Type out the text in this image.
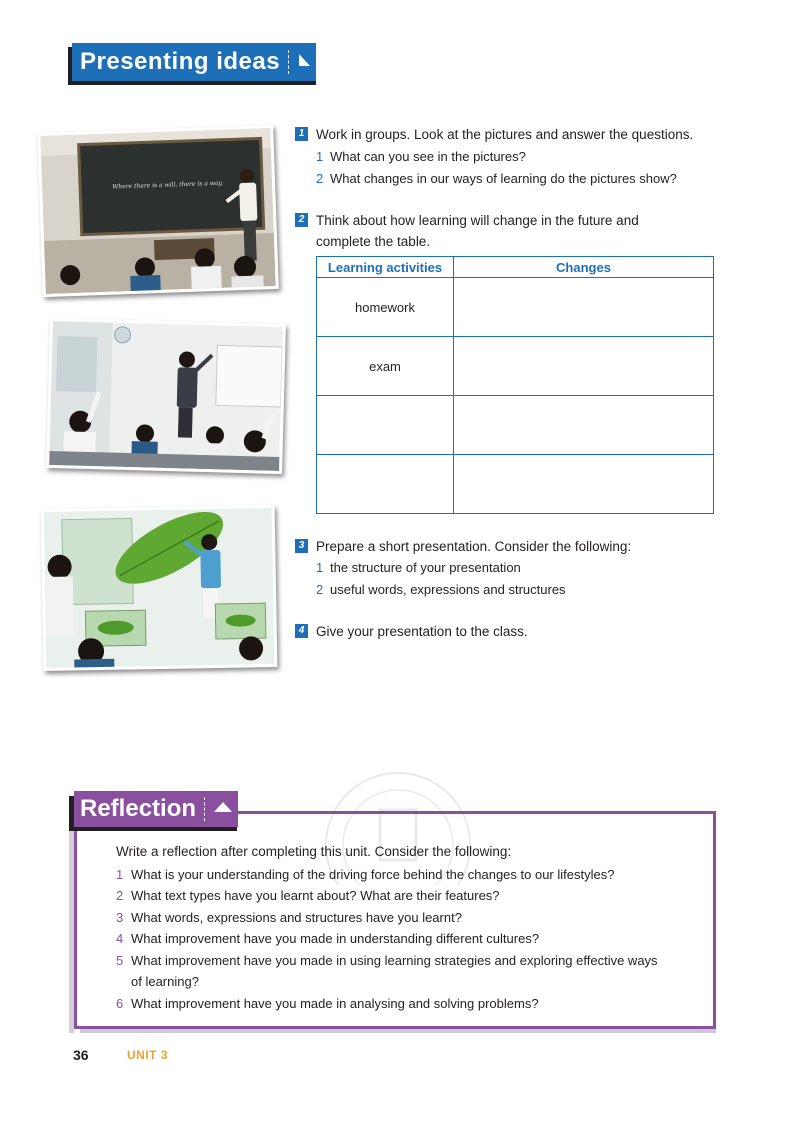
Presenting ideas
Where there is a will, there is a way.
1 Work in groups. Look at the pictures and answer the questions.
1 What can you see in the pictures?
2 What changes in our ways of learning do the pictures show?
2 Think about how learning will change in the future and complete the table.
Learning activities	Changes
homework	
exam	

3 Prepare a short presentation. Consider the following:
1 the structure of your presentation
2 useful words, expressions and structures
4 Give your presentation to the class.
Reflection
Write a reflection after completing this unit. Consider the following:
1 What is your understanding of the driving force behind the changes to our lifestyles?
2 What text types have you learnt about? What are their features?
3 What words, expressions and structures have you learnt?
4 What improvement have you made in understanding different cultures?
5 What improvement have you made in using learning strategies and exploring effective ways
of learning?
6 What improvement have you made in analysing and solving problems?
36	UNIT 3
